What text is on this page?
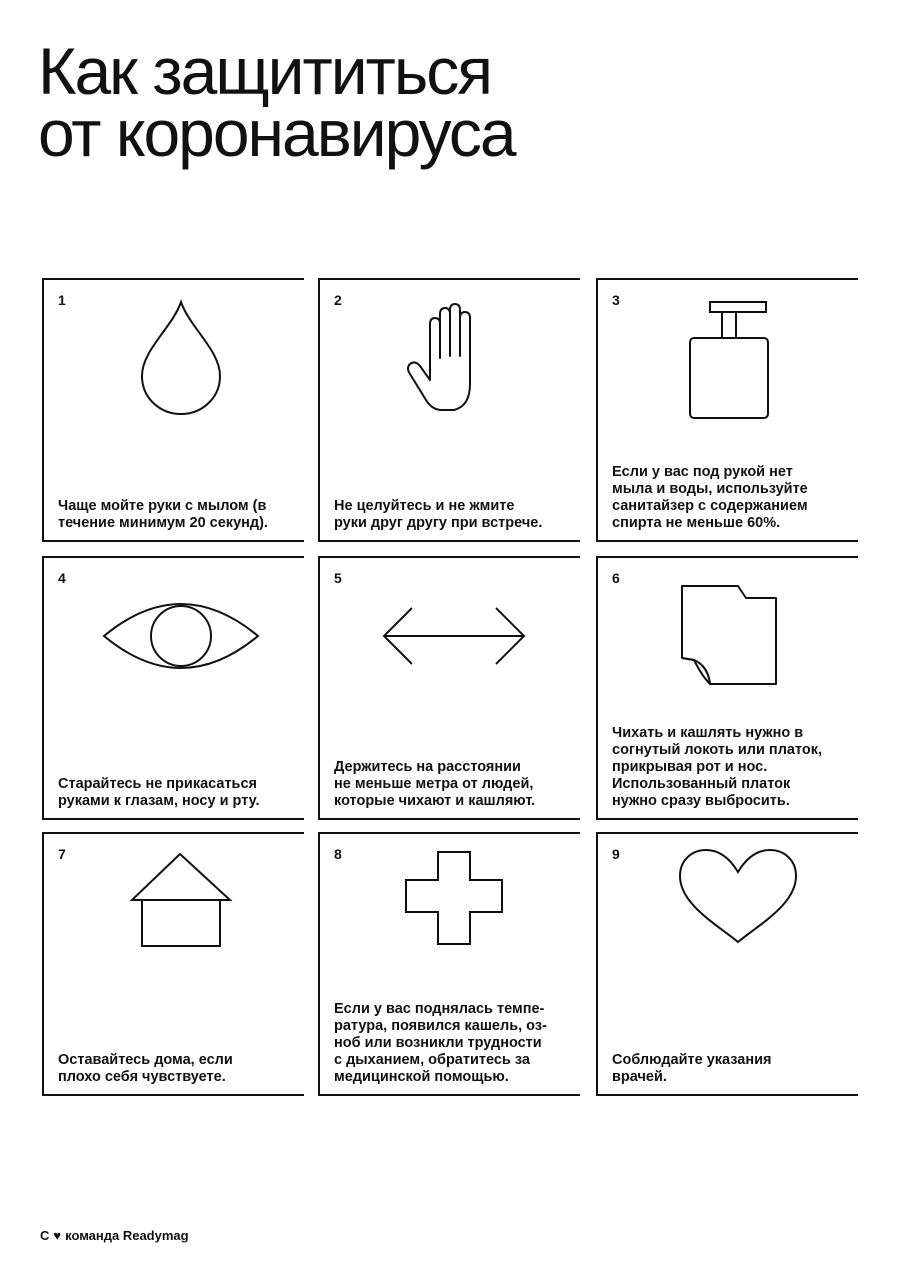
Как защититься
от коронавируса
1
Чаще мойте руки с мылом (в
течение минимум 20 секунд).
2
Не целуйтесь и не жмите
руки друг другу при встрече.
3
Если у вас под рукой нет
мыла и воды, используйте
санитайзер с содержанием
спирта не меньше 60%.
4
Старайтесь не прикасаться
руками к глазам, носу и рту.
5
Держитесь на расстоянии
не меньше метра от людей,
которые чихают и кашляют.
6
Чихать и кашлять нужно в
согнутый локоть или платок,
прикрывая рот и нос.
Использованный платок
нужно сразу выбросить.
7
Оставайтесь дома, если
плохо себя чувствуете.
8
Если у вас поднялась темпе-
ратура, появился кашель, оз-
ноб или возникли трудности
с дыханием, обратитесь за
медицинской помощью.
9
Соблюдайте указания
врачей.
С ♥ команда Readymag
